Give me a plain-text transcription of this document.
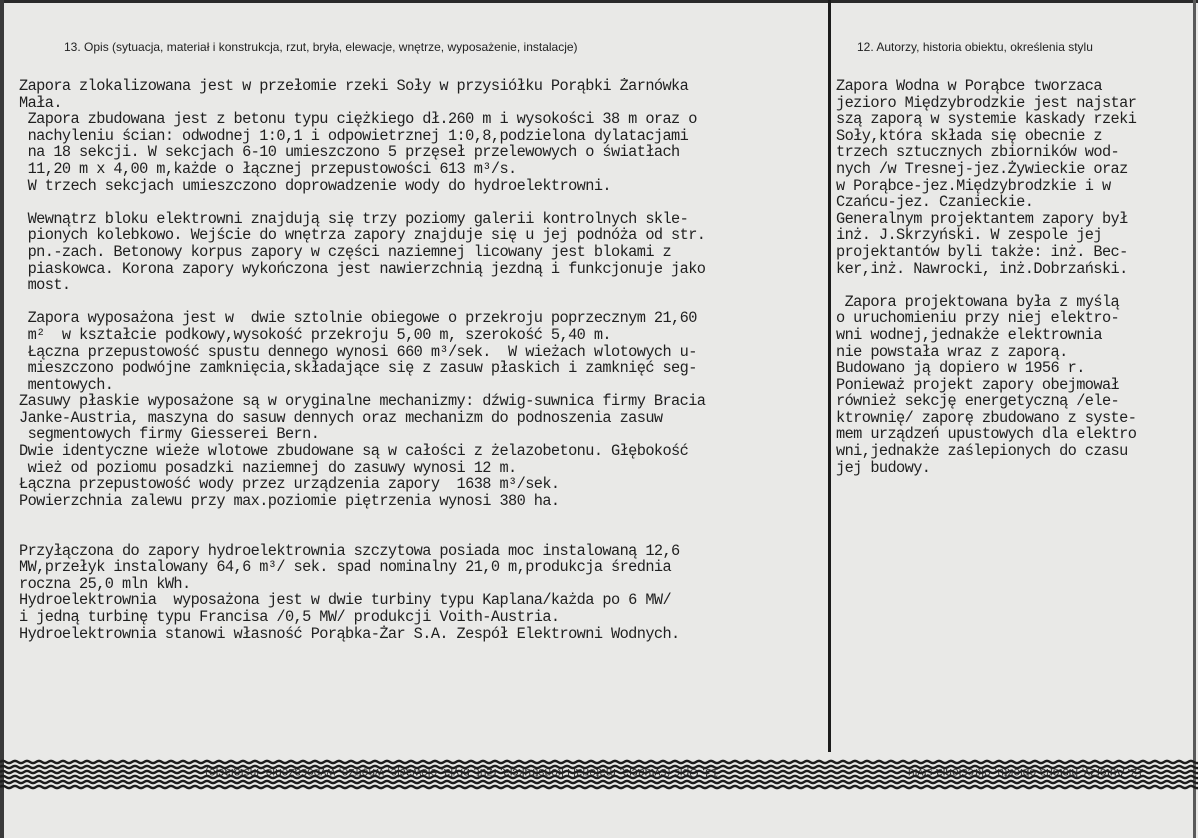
13. Opis (sytuacja, materiał i konstrukcja, rzut, bryła, elewacje, wnętrze, wyposażenie, instalacje)	12. Autorzy, historia obiektu, określenia stylu
Zapora zlokalizowana jest w przełomie rzeki Soły w przysiółku Porąbki Żarnówka
Mała.
Zapora zbudowana jest z betonu typu ciężkiego dł.260 m i wysokości 38 m oraz o
nachyleniu ścian: odwodnej 1:0,1 i odpowietrznej 1:0,8,podzielona dylatacjami
na 18 sekcji. W sekcjach 6-10 umieszczono 5 przęseł przelewowych o światłach
11,20 m x 4,00 m,każde o łącznej przepustowości 613 m³/s.
W trzech sekcjach umieszczono doprowadzenie wody do hydroelektrowni.

Wewnątrz bloku elektrowni znajdują się trzy poziomy galerii kontrolnych skle-
pionych kolebkowo. Wejście do wnętrza zapory znajduje się u jej podnóża od str.
pn.-zach. Betonowy korpus zapory w części naziemnej licowany jest blokami z
piaskowca. Korona zapory wykończona jest nawierzchnią jezdną i funkcjonuje jako
most.

Zapora wyposażona jest w  dwie sztolnie obiegowe o przekroju poprzecznym 21,60
m²  w kształcie podkowy,wysokość przekroju 5,00 m, szerokość 5,40 m.
Łączna przepustowość spustu dennego wynosi 660 m³/sek.  W wieżach wlotowych u-
mieszczono podwójne zamknięcia,składające się z zasuw płaskich i zamknięć seg-
mentowych.
Zasuwy płaskie wyposażone są w oryginalne mechanizmy: dźwig-suwnica firmy Bracia
Janke-Austria, maszyna do sasuw dennych oraz mechanizm do podnoszenia zasuw
segmentowych firmy Giesserei Bern.
Dwie identyczne wieże wlotowe zbudowane są w całości z żelazobetonu. Głębokość
wież od poziomu posadzki naziemnej do zasuwy wynosi 12 m.
Łączna przepustowość wody przez urządzenia zapory  1638 m³/sek.
Powierzchnia zalewu przy max.poziomie piętrzenia wynosi 380 ha.

Przyłączona do zapory hydroelektrownia szczytowa posiada moc instalowaną 12,6
MW,przełyk instalowany 64,6 m³/ sek. spad nominalny 21,0 m,produkcja średnia
roczna 25,0 mln kWh.
Hydroelektrownia  wyposażona jest w dwie turbiny typu Kaplana/każda po 6 MW/
i jedną turbinę typu Francisa /0,5 MW/ produkcji Voith-Austria.
Hydroelektrownia stanowi własność Porąbka-Żar S.A. Zespół Elektrowni Wodnych.
Zapora Wodna w Porąbce tworzaca
jezioro Międzybrodzkie jest najstar
szą zaporą w systemie kaskady rzeki
Soły,która składa się obecnie z
trzech sztucznych zbiorników wod-
nych /w Tresnej-jez.Żywieckie oraz
w Porąbce-jez.Międzybrodzkie i w
Czańcu-jez. Czanieckie.
Generalnym projektantem zapory był
inż. J.Skrzyński. W zespole jej
projektantów byli także: inż. Bec-
ker,inż. Nawrocki, inż.Dobrzański.

Zapora projektowana była z myślą
o uruchomieniu przy niej elektro-
wni wodnej,jednakże elektrownia
nie powstała wraz z zaporą.
Budowano ją dopiero w 1956 r.
Ponieważ projekt zapory obejmował
również sekcję energetyczną /ele-
ktrownię/ zaporę zbudowano z syste-
mem urządzeń upustowych dla elektro
wni,jednakże zaślepionych do czasu
jej budowy.
13. Opis (sytuacja, materiał i konstrukcja, rzut, bryła, elewacje, wnętrze, wyposażenie, instalacje)	12. Autorzy, historia obiektu, określenia stylu
